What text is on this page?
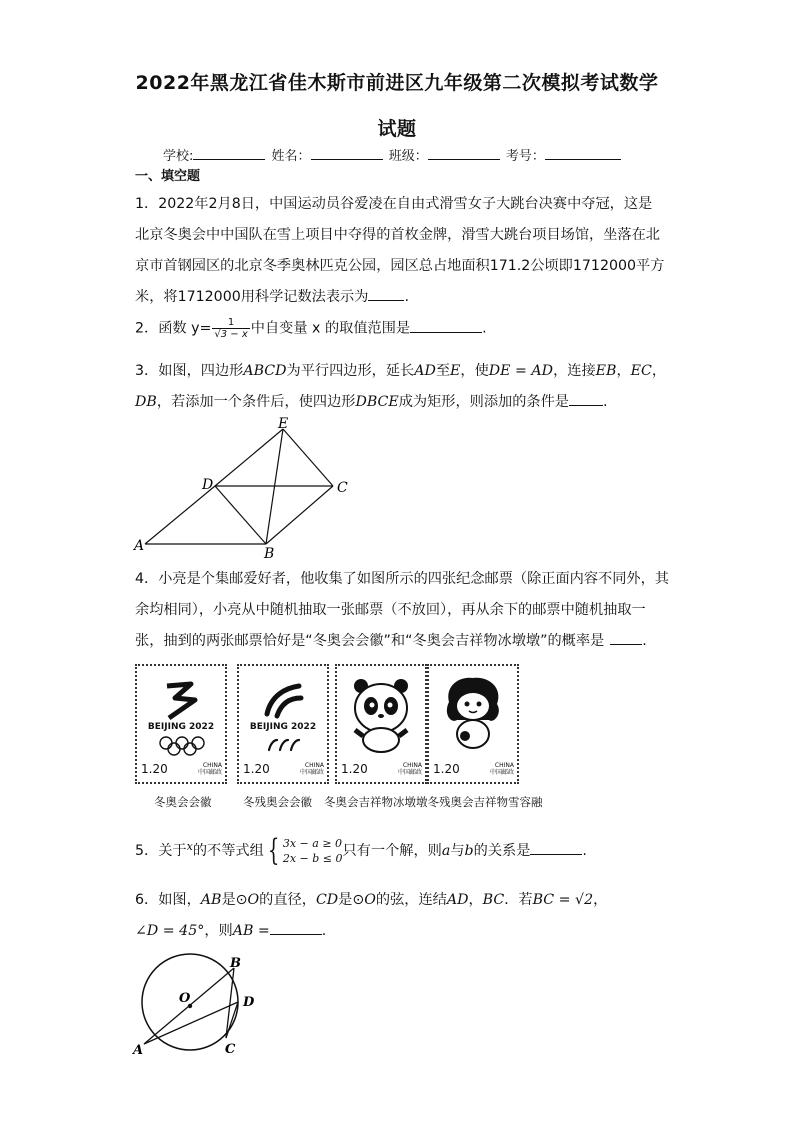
2022年黑龙江省佳木斯市前进区九年级第二次模拟考试数学
试题
学校:	姓名：	班级：	考号：
一、填空题
1．2022年2月8日，中国运动员谷爱凌在自由式滑雪女子大跳台决赛中夺冠，这是
北京冬奥会中中国队在雪上项目中夺得的首枚金牌，滑雪大跳台项目场馆，坐落在北
京市首钢园区的北京冬季奥林匹克公园，园区总占地面积171.2公顷即1712000平方
米，将1712000用科学记数法表示为	.
2．函数 $y= \frac{1}{√3 - x}$ 中自变量 x 的取值范围是	.
3．如图，四边形ABCD为平行四边形，延长AD至E，使DE = AD，连接EB，EC，
DB，若添加一个条件后，使四边形DBCE成为矩形，则添加的条件是 .
E
D	C
A	B
4．小亮是个集邮爱好者，他收集了如图所示的四张纪念邮票（除正面内容不同外，其
余均相同），小亮从中随机抽取一张邮票（不放回），再从余下的邮票中随机抽取一
张，抽到的两张邮票恰好是“冬奥会会徽”和“冬奥会吉祥物冰墩墩”的概率是	.
BEIJING 2022
1.20	CHINA
中国邮政
BEIJING 2022
1.20	CHINA
中国邮政 1.20	CHINA
中国邮政 1.20	CHINA
中国邮政
冬奥会会徽	冬残奥会会徽 冬奥会吉祥物冰墩墩冬残奥会吉祥物雪容融
5．关于$^x$的不等式组 { 3x − a ≥ 0
2x − b ≤ 0 只有一个解，则a与b的关系是	.
6．如图，AB是⊙O的直径，CD是⊙O的弦，连结AD，BC．若BC = √2，
∠D = 45°，则AB =	.
O
B
D
A	C
